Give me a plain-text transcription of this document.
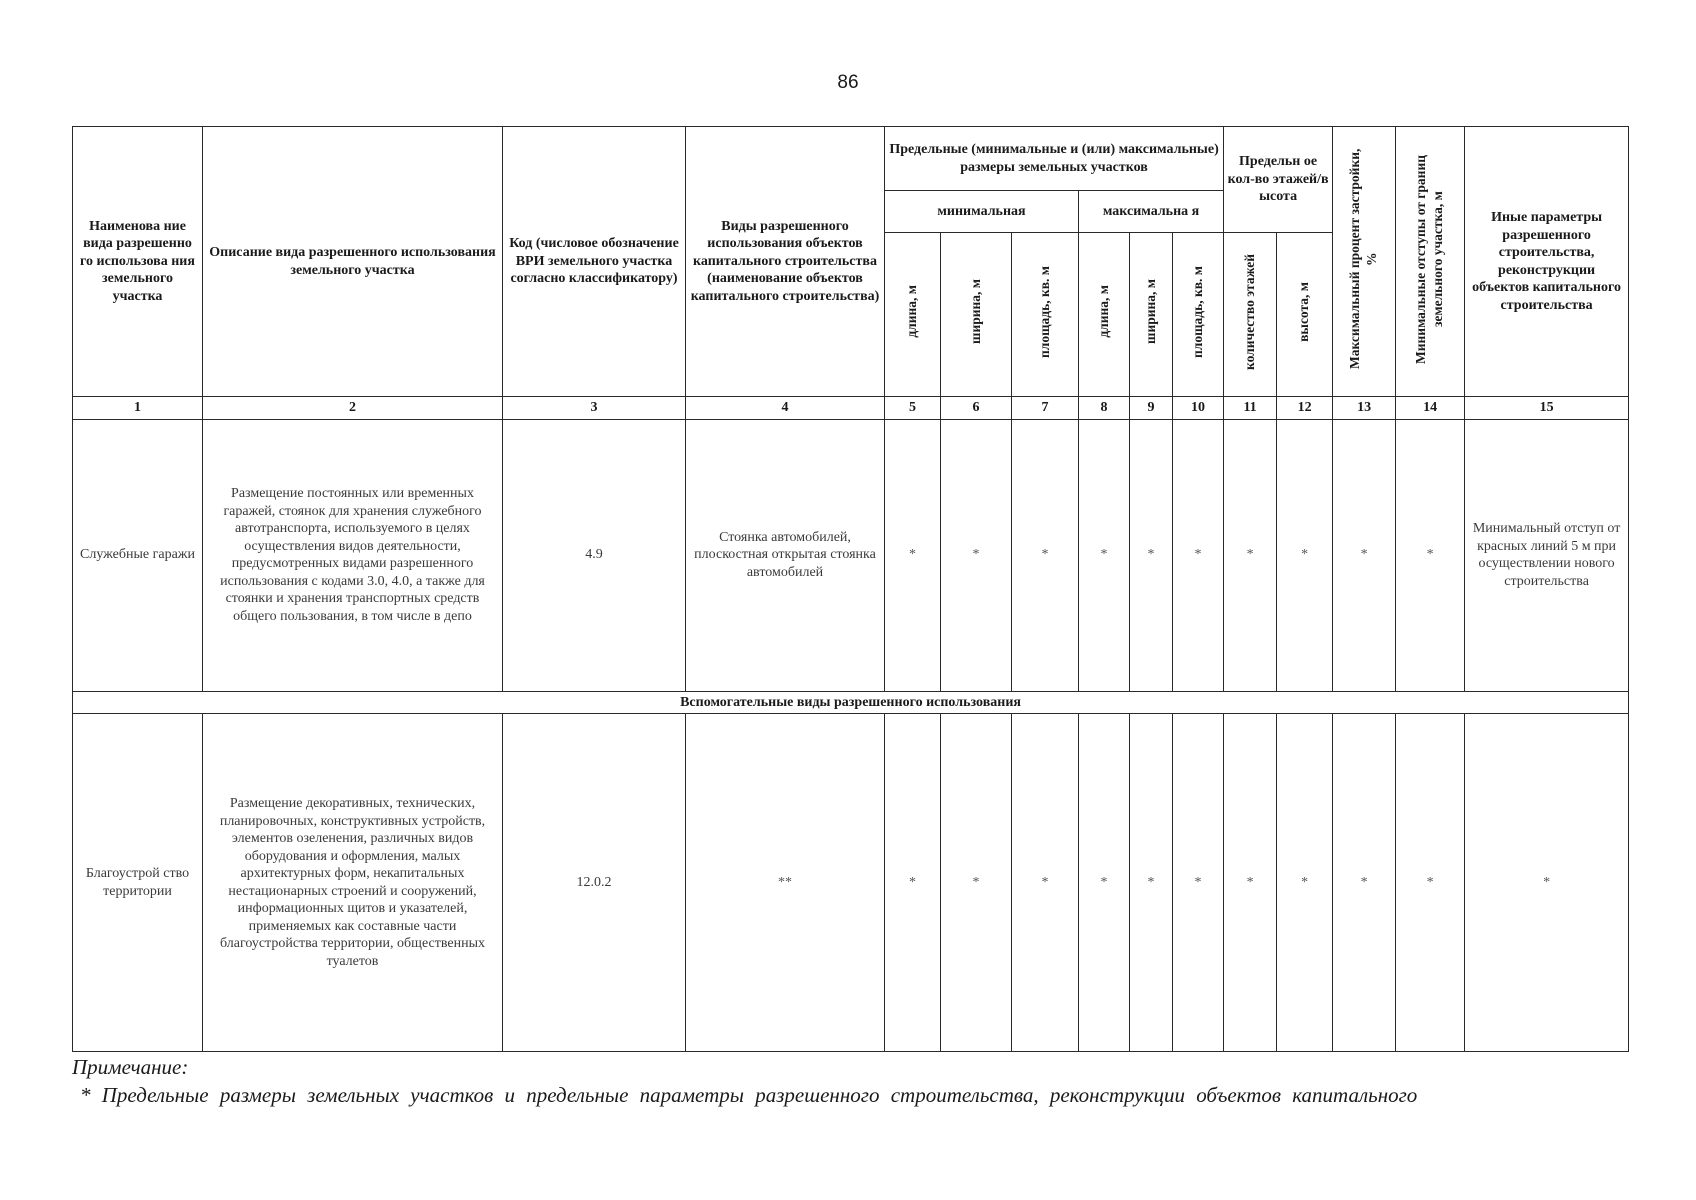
86
Наименова ние вида разрешенно го использова ния земельного участка	Описание вида разрешенного использования земельного участка	Код (числовое обозначение ВРИ земельного участка согласно классификатору)	Виды разрешенного использования объектов капитального строительства (наименование объектов капитального строительства)	Предельные (минимальные и (или) максимальные) размеры земельных участков						Предельн ое кол-во этажей/в ысота		Максимальный процент застройки, %	Минимальные отступы от границ земельного участка, м	Иные параметры разрешенного строительства, реконструкции объектов капитального строительства
				минимальная			максимальна я							
				длина, м	ширина, м	площадь, кв. м	длина, м	ширина, м	площадь, кв. м	количество этажей	высота, м			
1	2	3	4	5	6	7	8	9	10	11	12	13	14	15
Служебные гаражи	Размещение постоянных или временных гаражей, стоянок для хранения служебного автотранспорта, используемого в целях осуществления видов деятельности, предусмотренных видами разрешенного использования с кодами 3.0, 4.0, а также для стоянки и хранения транспортных средств общего пользования, в том числе в депо	4.9	Стоянка автомобилей, плоскостная открытая стоянка автомобилей	*	*	*	*	*	*	*	*	*	*	Минимальный отступ от красных линий 5 м при осуществлении нового строительства
Вспомогательные виды разрешенного использования														
Благоустрой ство территории	Размещение декоративных, технических, планировочных, конструктивных устройств, элементов озеленения, различных видов оборудования и оформления, малых архитектурных форм, некапитальных нестационарных строений и сооружений, информационных щитов и указателей, применяемых как составные части благоустройства территории, общественных туалетов	12.0.2	**	*	*	*	*	*	*	*	*	*	*	*
Примечание:
* Предельные размеры земельных участков и предельные параметры разрешенного строительства, реконструкции объектов капитального
